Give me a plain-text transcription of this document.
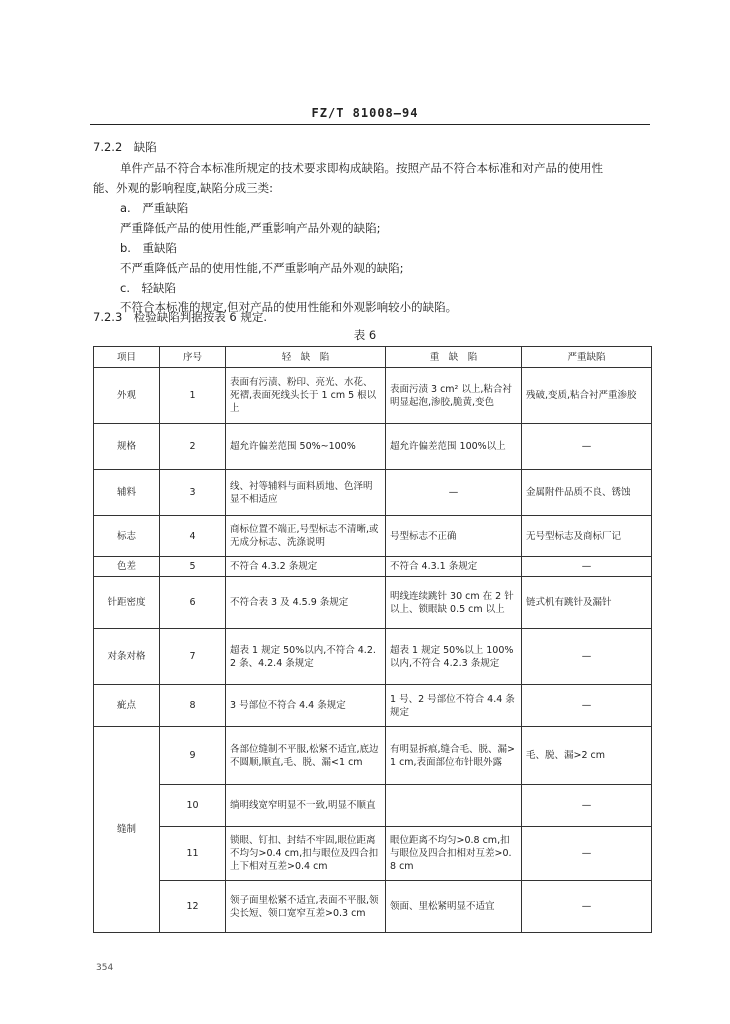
FZ/T 81008—94
7.2.2　缺陷
单件产品不符合本标准所规定的技术要求即构成缺陷。按照产品不符合本标准和对产品的使用性
能、外观的影响程度,缺陷分成三类:
a.　严重缺陷
严重降低产品的使用性能,严重影响产品外观的缺陷;
b.　重缺陷
不严重降低产品的使用性能,不严重影响产品外观的缺陷;
c.　轻缺陷
不符合本标准的规定,但对产品的使用性能和外观影响较小的缺陷。
7.2.3　检验缺陷判据按表 6 规定.
表 6
项目	序号	轻　缺　陷	重　缺　陷	严重缺陷
外观	1	表面有污渍、粉印、亮光、水花、死褶,表面死线头长于 1 cm 5 根以上	表面污渍 3 cm² 以上,粘合衬明显起泡,渗胶,脆黄,变色	残破,变质,粘合衬严重渗胶
规格	2	超允许偏差范围 50%~100%	超允许偏差范围 100%以上	—
辅料	3	线、衬等辅料与面料质地、色泽明显不相适应	—	金属附件品质不良、锈蚀
标志	4	商标位置不端正,号型标志不清晰,或无成分标志、洗涤说明	号型标志不正确	无号型标志及商标厂记
色差	5	不符合 4.3.2 条规定	不符合 4.3.1 条规定	—
针距密度	6	不符合表 3 及 4.5.9 条规定	明线连续跳针 30 cm 在 2 针以上、锁眼缺 0.5 cm 以上	链式机有跳针及漏针
对条对格	7	超表 1 规定 50%以内,不符合 4.2.2 条、4.2.4 条规定	超表 1 规定 50%以上 100%以内,不符合 4.2.3 条规定	—
疵点	8	3 号部位不符合 4.4 条规定	1 号、2 号部位不符合 4.4 条规定	—
缝制	9	各部位缝制不平服,松紧不适宜,底边不圆顺,顺直,毛、脱、漏<1 cm	有明显拆痕,缝合毛、脱、漏>1 cm,表面部位布针眼外露	毛、脱、漏>2 cm
	10	绱明线宽窄明显不一致,明显不顺直		—
	11	锁眼、钉扣、封结不牢固,眼位距离不均匀>0.4 cm,扣与眼位及四合扣上下相对互差>0.4 cm	眼位距离不均匀>0.8 cm,扣与眼位及四合扣相对互差>0.8 cm	—
	12	领子面里松紧不适宜,表面不平服,领尖长短、领口宽窄互差>0.3 cm	领面、里松紧明显不适宜	—
354
